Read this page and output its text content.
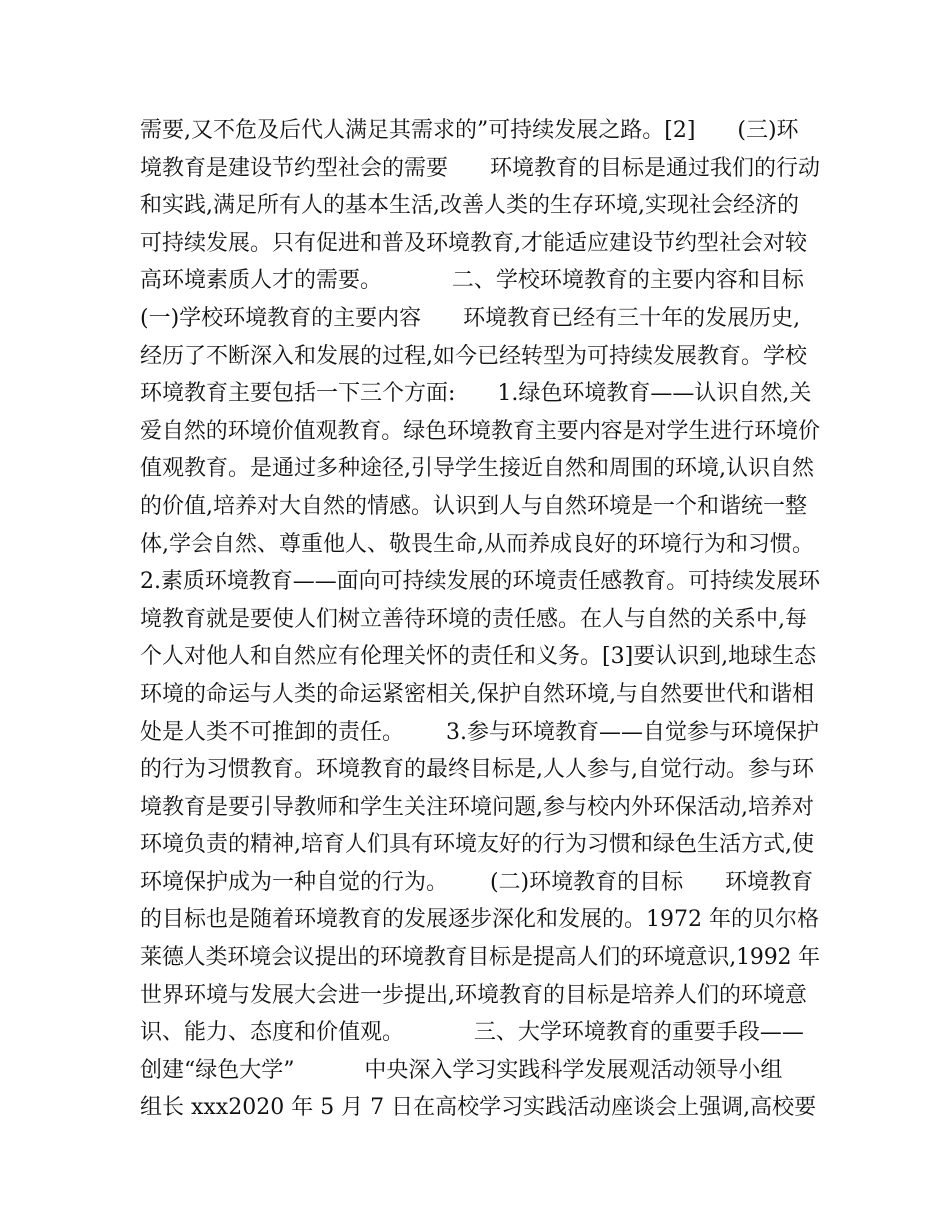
需要,又不危及后代人满足其需求的”可持续发展之路。[2]      (三)环
境教育是建设节约型社会的需要      环境教育的目标是通过我们的行动
和实践,满足所有人的基本生活,改善人类的生存环境,实现社会经济的
可持续发展。只有促进和普及环境教育,才能适应建设节约型社会对较
高环境素质人才的需要。          二、学校环境教育的主要内容和目标
(一)学校环境教育的主要内容      环境教育已经有三十年的发展历史,
经历了不断深入和发展的过程,如今已经转型为可持续发展教育。学校
环境教育主要包括一下三个方面:      1.绿色环境教育——认识自然,关
爱自然的环境价值观教育。绿色环境教育主要内容是对学生进行环境价
值观教育。是通过多种途径,引导学生接近自然和周围的环境,认识自然
的价值,培养对大自然的情感。认识到人与自然环境是一个和谐统一整
体,学会自然、尊重他人、敬畏生命,从而养成良好的环境行为和习惯。
2.素质环境教育——面向可持续发展的环境责任感教育。可持续发展环
境教育就是要使人们树立善待环境的责任感。在人与自然的关系中,每
个人对他人和自然应有伦理关怀的责任和义务。[3]要认识到,地球生态
环境的命运与人类的命运紧密相关,保护自然环境,与自然要世代和谐相
处是人类不可推卸的责任。      3.参与环境教育——自觉参与环境保护
的行为习惯教育。环境教育的最终目标是,人人参与,自觉行动。参与环
境教育是要引导教师和学生关注环境问题,参与校内外环保活动,培养对
环境负责的精神,培育人们具有环境友好的行为习惯和绿色生活方式,使
环境保护成为一种自觉的行为。      (二)环境教育的目标      环境教育
的目标也是随着环境教育的发展逐步深化和发展的。1972 年的贝尔格
莱德人类环境会议提出的环境教育目标是提高人们的环境意识,1992 年
世界环境与发展大会进一步提出,环境教育的目标是培养人们的环境意
识、能力、态度和价值观。          三、大学环境教育的重要手段——
创建“绿色大学”          中央深入学习实践科学发展观活动领导小组
组长 xxx2020 年 5 月 7 日在高校学习实践活动座谈会上强调,高校要
